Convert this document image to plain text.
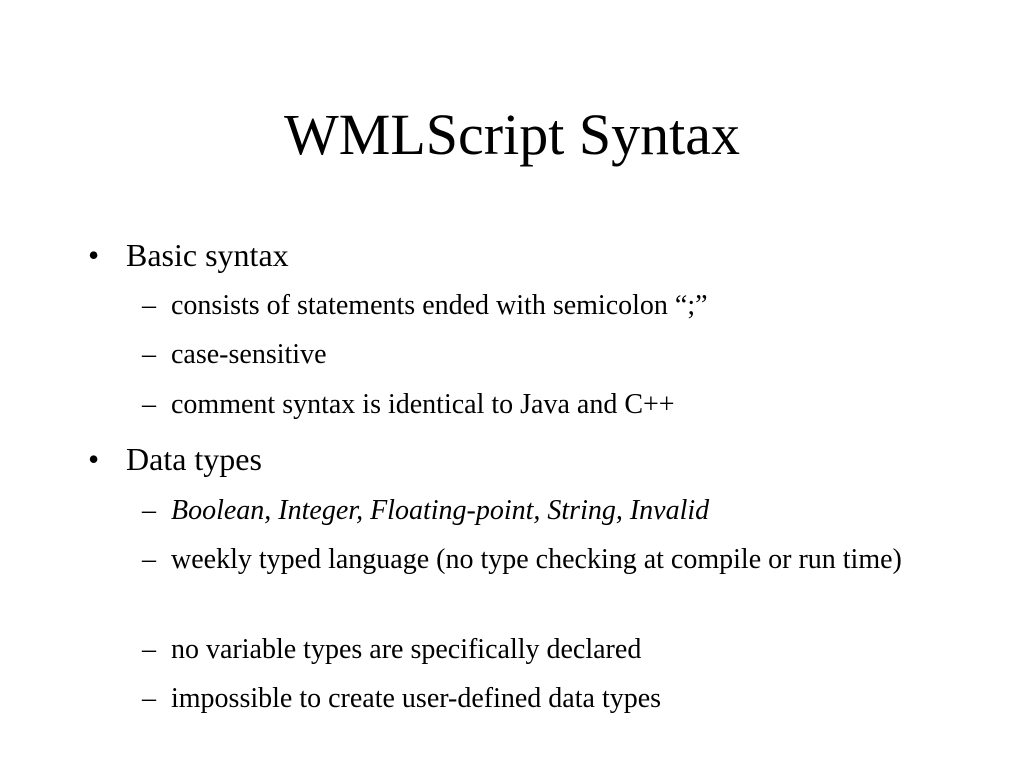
WMLScript Syntax
• Basic syntax
– consists of statements ended with semicolon “;”
– case-sensitive
– comment syntax is identical to Java and C++
• Data types
– Boolean, Integer, Floating-point, String, Invalid
– weekly typed language (no type checking at compile or run time)
– no variable types are specifically declared
– impossible to create user-defined data types
